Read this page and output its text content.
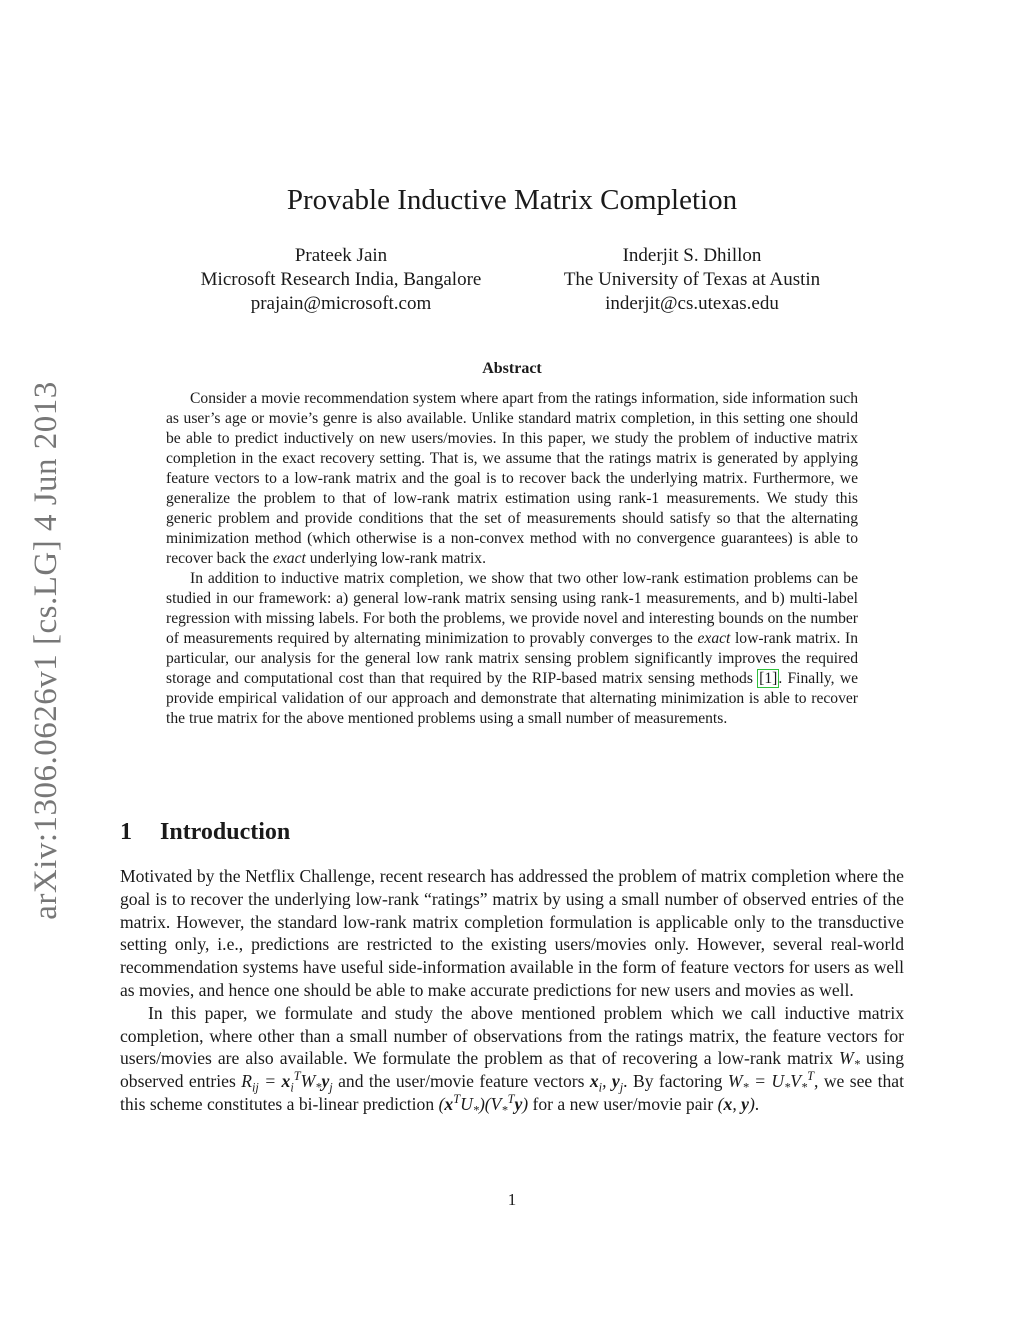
arXiv:1306.0626v1 [cs.LG] 4 Jun 2013
Provable Inductive Matrix Completion
Prateek Jain
Microsoft Research India, Bangalore
prajain@microsoft.com
Inderjit S. Dhillon
The University of Texas at Austin
inderjit@cs.utexas.edu
Abstract

Consider a movie recommendation system where apart from the ratings information, side information such as user’s age or movie’s genre is also available. Unlike standard matrix completion, in this setting one should be able to predict inductively on new users/movies. In this paper, we study the problem of inductive matrix completion in the exact recovery setting. That is, we assume that the ratings matrix is generated by applying feature vectors to a low-rank matrix and the goal is to recover back the underlying matrix. Furthermore, we generalize the problem to that of low-rank matrix estimation using rank-1 measurements. We study this generic problem and provide conditions that the set of measurements should satisfy so that the alternating minimization method (which otherwise is a non-convex method with no convergence guarantees) is able to recover back the exact underlying low-rank matrix.

In addition to inductive matrix completion, we show that two other low-rank estimation problems can be studied in our framework: a) general low-rank matrix sensing using rank-1 measurements, and b) multi-label regression with missing labels. For both the problems, we provide novel and interesting bounds on the number of measurements required by alternating minimization to provably converges to the exact low-rank matrix. In particular, our analysis for the general low rank matrix sensing problem significantly improves the required storage and computational cost than that required by the RIP-based matrix sensing methods [1]. Finally, we provide empirical validation of our approach and demonstrate that alternating minimization is able to recover the true matrix for the above mentioned problems using a small number of measurements.

1 Introduction

Motivated by the Netflix Challenge, recent research has addressed the problem of matrix completion where the goal is to recover the underlying low-rank “ratings” matrix by using a small number of observed entries of the matrix. However, the standard low-rank matrix completion formulation is applicable only to the transductive setting only, i.e., predictions are restricted to the existing users/movies only. However, several real-world recommendation systems have useful side-information available in the form of feature vectors for users as well as movies, and hence one should be able to make accurate predictions for new users and movies as well.

In this paper, we formulate and study the above mentioned problem which we call inductive matrix completion, where other than a small number of observations from the ratings matrix, the feature vectors for users/movies are also available. We formulate the problem as that of recovering a low-rank matrix $W_*$ using observed entries $R_{ij} = x_i^TW_*y_j$ and the user/movie feature vectors $x_i$, $y_j$. By factoring $W_* = U_*V_*^T$, we see that this scheme constitutes a bi-linear prediction $(x^TU_*)(V_*^Ty)$ for a new user/movie pair (x, y).

1
